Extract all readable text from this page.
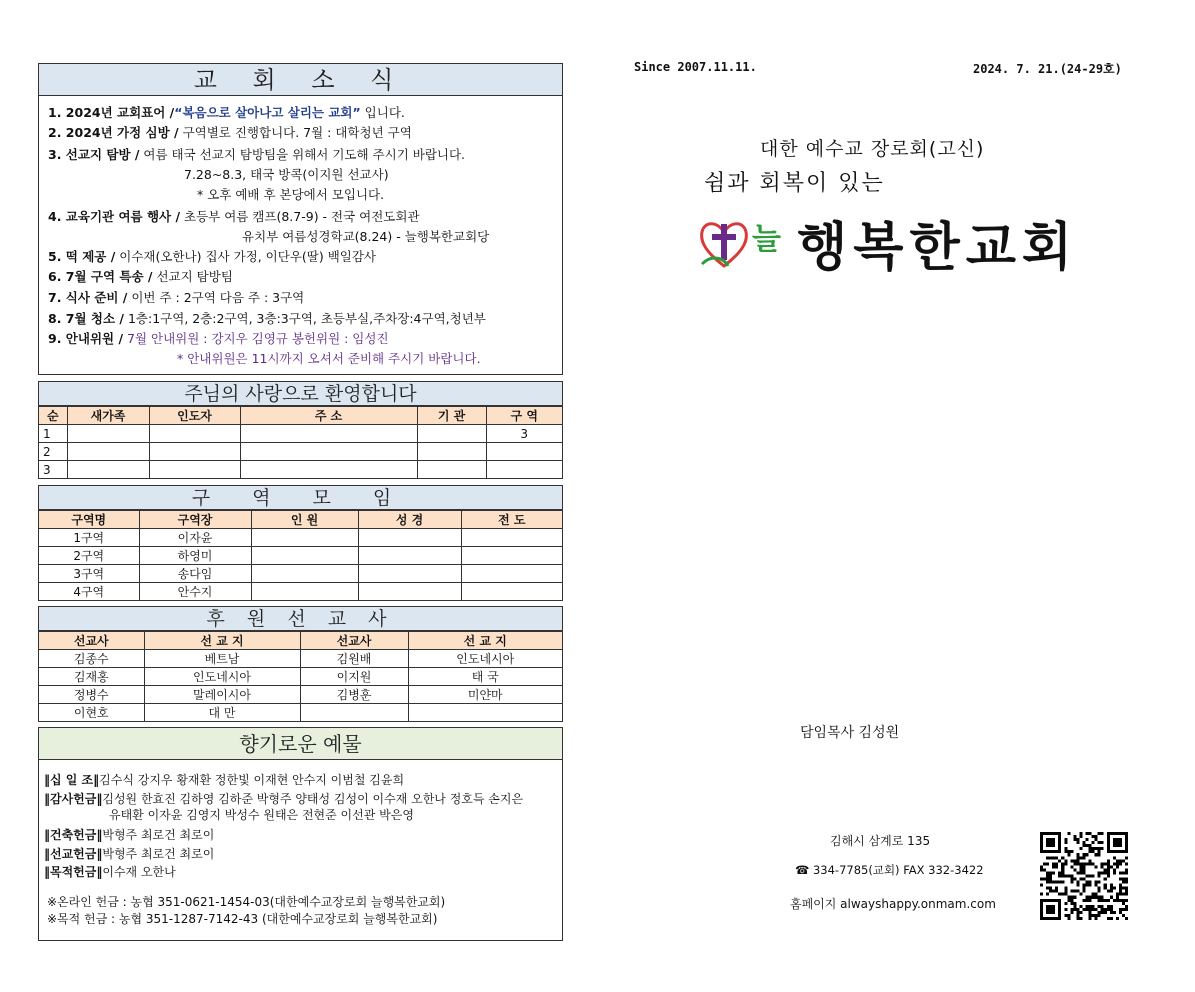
교 회 소 식
1. 2024년 교회표어 /“복음으로 살아나고 살리는 교회” 입니다.
2. 2024년 가정 심방 / 구역별로 진행합니다. 7월 : 대학청년 구역
3. 선교지 탐방 / 여름 태국 선교지 탐방팀을 위해서 기도해 주시기 바랍니다.
7.28~8.3, 태국 방콕(이지원 선교사)
* 오후 예배 후 본당에서 모입니다.
4. 교육기관 여름 행사 / 초등부 여름 캠프(8.7-9) - 전국 여전도회관
유치부 여름성경학교(8.24) - 늘행복한교회당
5. 떡 제공 / 이수재(오한나) 집사 가정, 이단우(딸) 백일감사
6. 7월 구역 특송 / 선교지 탐방팀
7. 식사 준비 / 이번 주 : 2구역 다음 주 : 3구역
8. 7월 청소 / 1층:1구역, 2층:2구역, 3층:3구역, 초등부실,주차장:4구역,청년부
9. 안내위원 / 7월 안내위원 : 강지우 김영규 봉헌위원 : 임성진
* 안내위원은 11시까지 오셔서 준비해 주시기 바랍니다.
주님의 사랑으로 환영합니다
순	새가족	인도자	주 소	기 관	구 역
1					3
2					
3					
구 역 모 임
구역명	구역장	인 원	성 경	전 도
1구역	이자윤			
2구역	하영미			
3구역	송다임			
4구역	안수지			
후 원 선 교 사
선교사	선 교 지	선교사	선 교 지
김종수	베트남	김원배	인도네시아
김재홍	인도네시아	이지원	태 국
정병수	말레이시아	김병훈	미얀마
이현호	대 만		
향기로운 예물
‖십 일 조‖김수식 강지우 황재환 정한빛 이재현 안수지 이범철 김윤희
‖감사헌금‖김성원 한효진 김하영 김하준 박형주 양태성 김성이 이수재 오한나 정호득 손지은
유태환 이자윤 김영지 박성수 원태은 전현준 이선관 박은영
‖건축헌금‖박형주 최로건 최로이
‖선교헌금‖박형주 최로건 최로이
‖목적헌금‖이수재 오한나
※온라인 헌금 : 농협 351-0621-1454-03(대한예수교장로회 늘행복한교회)
※목적 헌금 : 농협 351-1287-7142-43 (대한예수교장로회 늘행복한교회)
Since 2007.11.11.	2024. 7. 21.(24-29호)
대한 예수교 장로회(고신)
쉼과 회복이 있는
늘 행복한교회
담임목사 김성원
김해시 삼계로 135
☎ 334-7785(교회) FAX 332-3422
홈페이지 alwayshappy.onmam.com
